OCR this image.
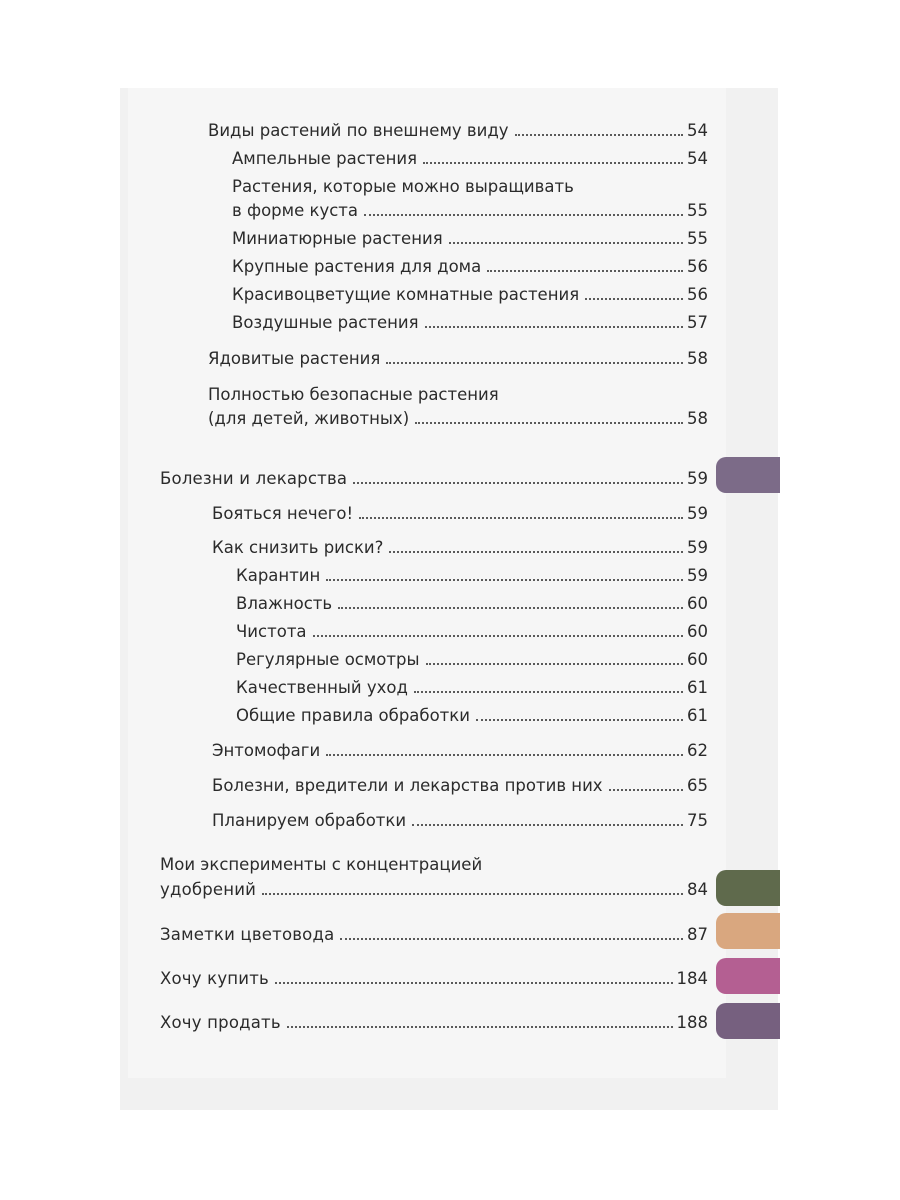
Виды растений по внешнему виду	54
Ампельные растения	54
Растения, которые можно выращивать
в форме куста	55
Миниатюрные растения	55
Крупные растения для дома	56
Красивоцветущие комнатные растения	56
Воздушные растения	57
Ядовитые растения	58
Полностью безопасные растения
(для детей, животных)	58
Болезни и лекарства	59
Бояться нечего!	59
Как снизить риски?	59
Карантин	59
Влажность	60
Чистота	60
Регулярные осмотры	60
Качественный уход	61
Общие правила обработки	61
Энтомофаги	62
Болезни, вредители и лекарства против них	65
Планируем обработки	75
Мои эксперименты с концентрацией
удобрений	84
Заметки цветовода	87
Хочу купить	184
Хочу продать	188
